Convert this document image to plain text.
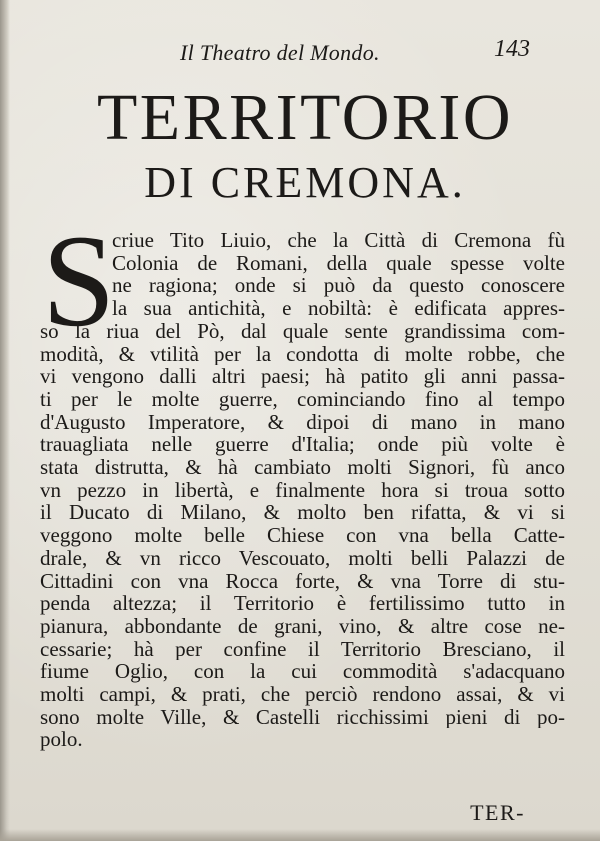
Il Theatro del Mondo.	143
TERRITORIO
DI CREMONA.
S
criue Tito Liuio, che la Città di Cremona fù
Colonia de Romani, della quale spesse volte
ne ragiona; onde si può da questo conoscere
la sua antichità, e nobiltà: è edificata appres-
so la riua del Pò, dal quale sente grandissima com-
modità, & vtilità per la condotta di molte robbe, che
vi vengono dalli altri paesi; hà patito gli anni passa-
ti per le molte guerre, cominciando fino al tempo
d'Augusto Imperatore, & dipoi di mano in mano
trauagliata nelle guerre d'Italia; onde più volte è
stata distrutta, & hà cambiato molti Signori, fù anco
vn pezzo in libertà, e finalmente hora si troua sotto
il Ducato di Milano, & molto ben rifatta, & vi si
veggono molte belle Chiese con vna bella Catte-
drale, & vn ricco Vescouato, molti belli Palazzi de
Cittadini con vna Rocca forte, & vna Torre di stu-
penda altezza; il Territorio è fertilissimo tutto in
pianura, abbondante de grani, vino, & altre cose ne-
cessarie; hà per confine il Territorio Bresciano, il
fiume Oglio, con la cui commodità s'adacquano
molti campi, & prati, che perciò rendono assai, & vi
sono molte Ville, & Castelli ricchissimi pieni di po-
polo.
TER-
